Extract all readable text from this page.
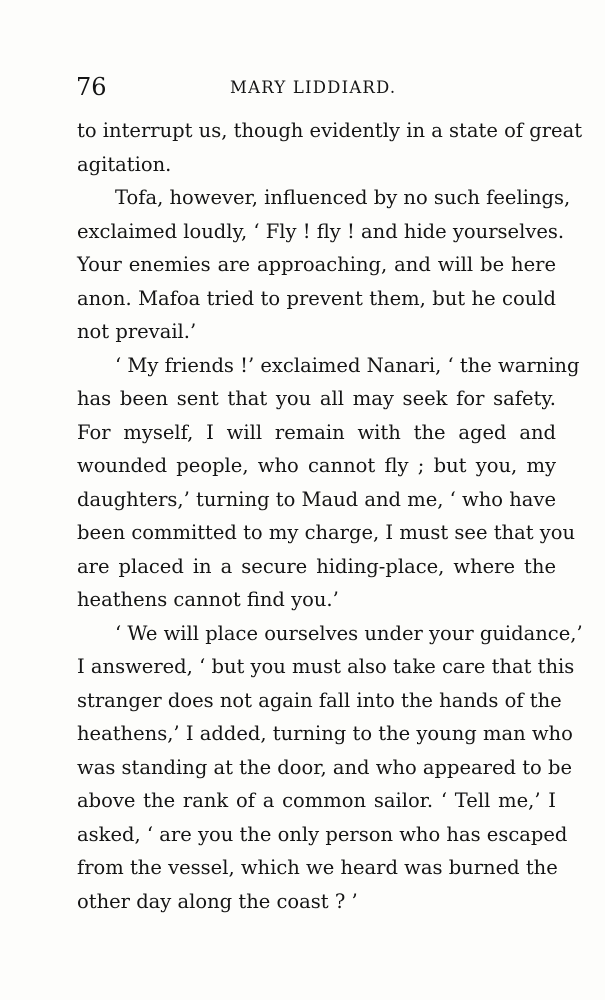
76	MARY LIDDIARD.

to interrupt us, though evidently in a state of great
agitation.

Tofa, however, influenced by no such feelings,
exclaimed loudly, ‘ Fly ! fly ! and hide yourselves.
Your enemies are approaching, and will be here
anon. Mafoa tried to prevent them, but he could
not prevail.’

‘ My friends !’ exclaimed Nanari, ‘ the warning
has been sent that you all may seek for safety.
For myself, I will remain with the aged and
wounded people, who cannot fly ; but you, my
daughters,’ turning to Maud and me, ‘ who have
been committed to my charge, I must see that you
are placed in a secure hiding-place, where the
heathens cannot find you.’

‘ We will place ourselves under your guidance,’
I answered, ‘ but you must also take care that this
stranger does not again fall into the hands of the
heathens,’ I added, turning to the young man who
was standing at the door, and who appeared to be
above the rank of a common sailor. ‘ Tell me,’ I
asked, ‘ are you the only person who has escaped
from the vessel, which we heard was burned the
other day along the coast ? ’
